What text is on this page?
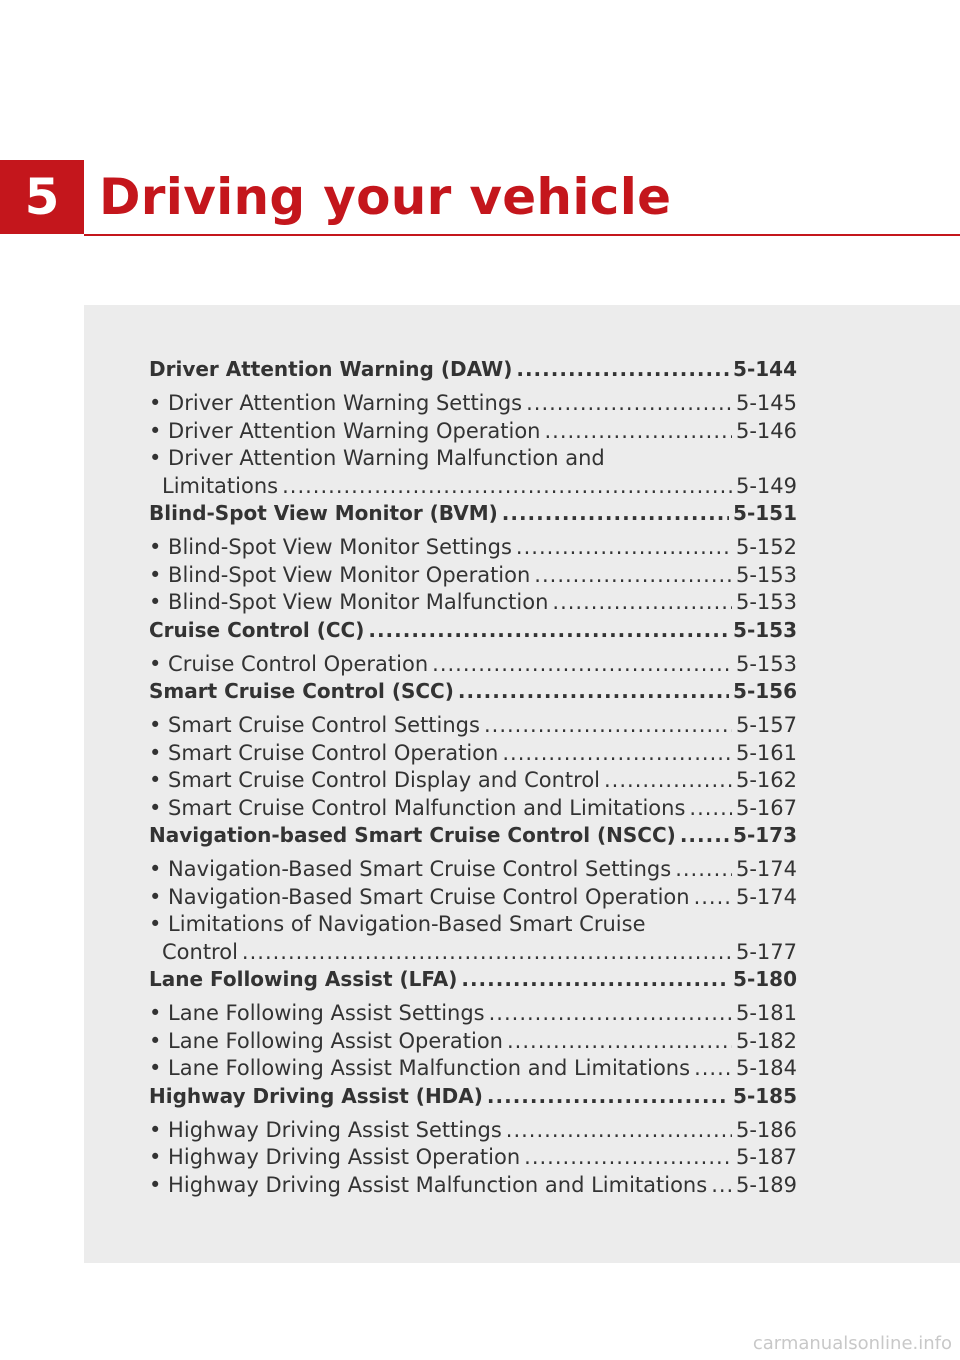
5 Driving your vehicle
Driver Attention Warning (DAW) .....	5-144
• Driver Attention Warning Settings .....	5-145
• Driver Attention Warning Operation .....	5-146
• Driver Attention Warning Malfunction and
Limitations .....	5-149
Blind-Spot View Monitor (BVM) .....	5-151
• Blind-Spot View Monitor Settings .....	5-152
• Blind-Spot View Monitor Operation .....	5-153
• Blind-Spot View Monitor Malfunction .....	5-153
Cruise Control (CC) .....	5-153
• Cruise Control Operation .....	5-153
Smart Cruise Control (SCC) .....	5-156
• Smart Cruise Control Settings .....	5-157
• Smart Cruise Control Operation .....	5-161
• Smart Cruise Control Display and Control .....	5-162
• Smart Cruise Control Malfunction and Limitations ..... 5-167
Navigation-based Smart Cruise Control (NSCC) .....	5-173
• Navigation-Based Smart Cruise Control Settings .....	5-174
• Navigation-Based Smart Cruise Control Operation ..... 5-174
• Limitations of Navigation-Based Smart Cruise
Control .....	5-177
Lane Following Assist (LFA) .....	5-180
• Lane Following Assist Settings .....	5-181
• Lane Following Assist Operation .....	5-182
• Lane Following Assist Malfunction and Limitations ..... 5-184
Highway Driving Assist (HDA) .....	5-185
• Highway Driving Assist Settings .....	5-186
• Highway Driving Assist Operation .....	5-187
• Highway Driving Assist Malfunction and Limitations ..... 5-189
carmanualsonline.info
